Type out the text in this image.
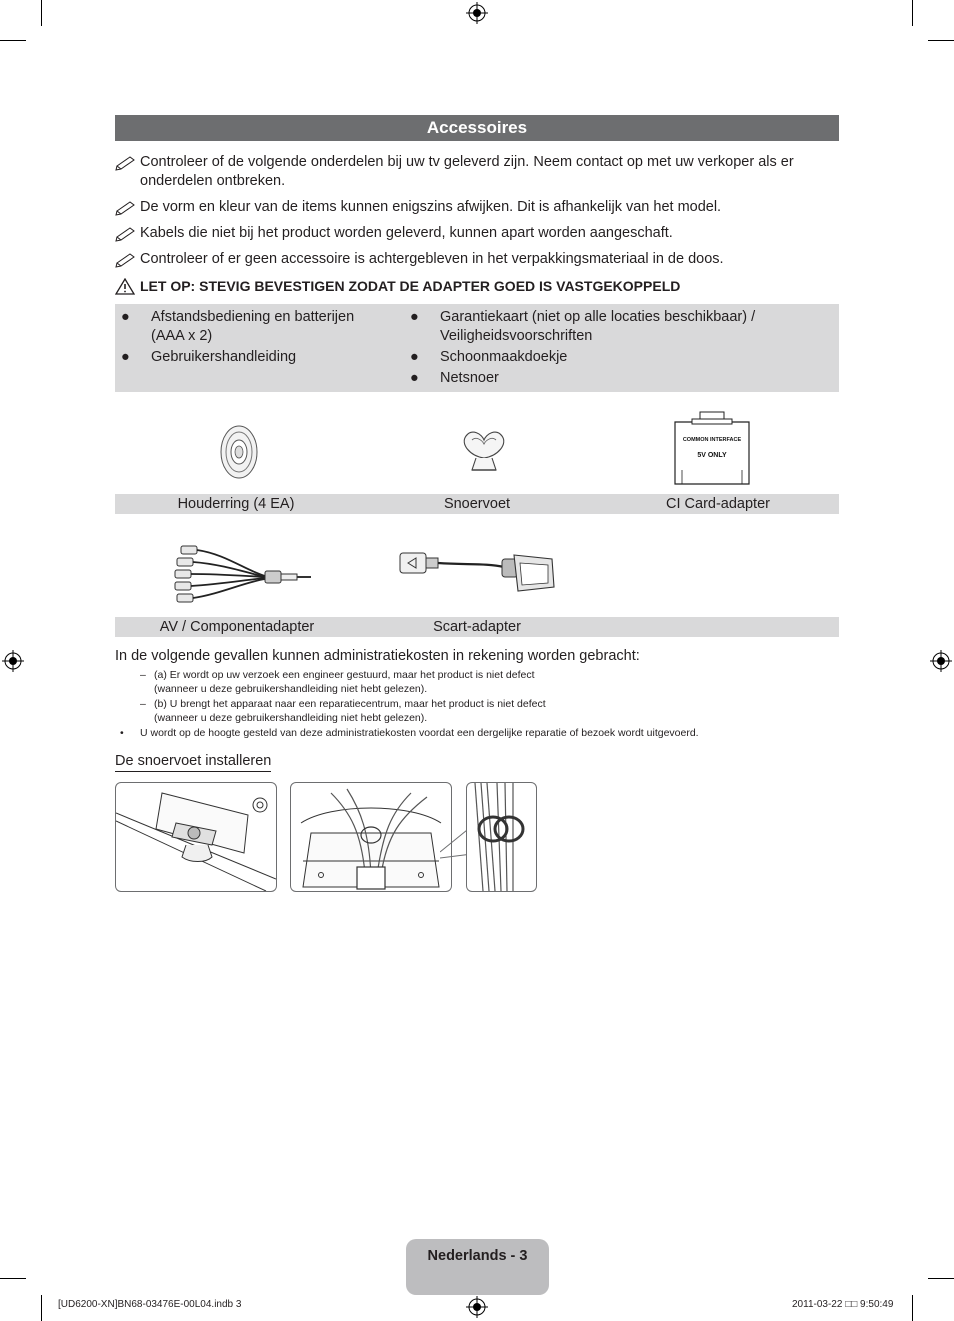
Accessoires
Controleer of de volgende onderdelen bij uw tv geleverd zijn. Neem contact op met uw verkoper als er onderdelen ontbreken.
De vorm en kleur van de items kunnen enigszins afwijken. Dit is afhankelijk van het model.
Kabels die niet bij het product worden geleverd, kunnen apart worden aangeschaft.
Controleer of er geen accessoire is achtergebleven in het verpakkingsmateriaal in de doos.
LET OP: STEVIG BEVESTIGEN ZODAT DE ADAPTER GOED IS VASTGEKOPPELD
● Afstandsbediening en batterijen (AAA x 2)
● Gebruikershandleiding
● Garantiekaart (niet op alle locaties beschikbaar) / Veiligheidsvoorschriften
● Schoonmaakdoekje
● Netsnoer
COMMON INTERFACE
5V ONLY
Houderring (4 EA)	Snoervoet	CI Card-adapter
AV / Componentadapter	Scart-adapter
In de volgende gevallen kunnen administratiekosten in rekening worden gebracht:
– (a) Er wordt op uw verzoek een engineer gestuurd, maar het product is niet defect
(wanneer u deze gebruikershandleiding niet hebt gelezen).
– (b) U brengt het apparaat naar een reparatiecentrum, maar het product is niet defect
(wanneer u deze gebruikershandleiding niet hebt gelezen).
• U wordt op de hoogte gesteld van deze administratiekosten voordat een dergelijke reparatie of bezoek wordt uitgevoerd.
De snoervoet installeren
Nederlands - 3
[UD6200-XN]BN68-03476E-00L04.indb 3	2011-03-22 □□ 9:50:49
